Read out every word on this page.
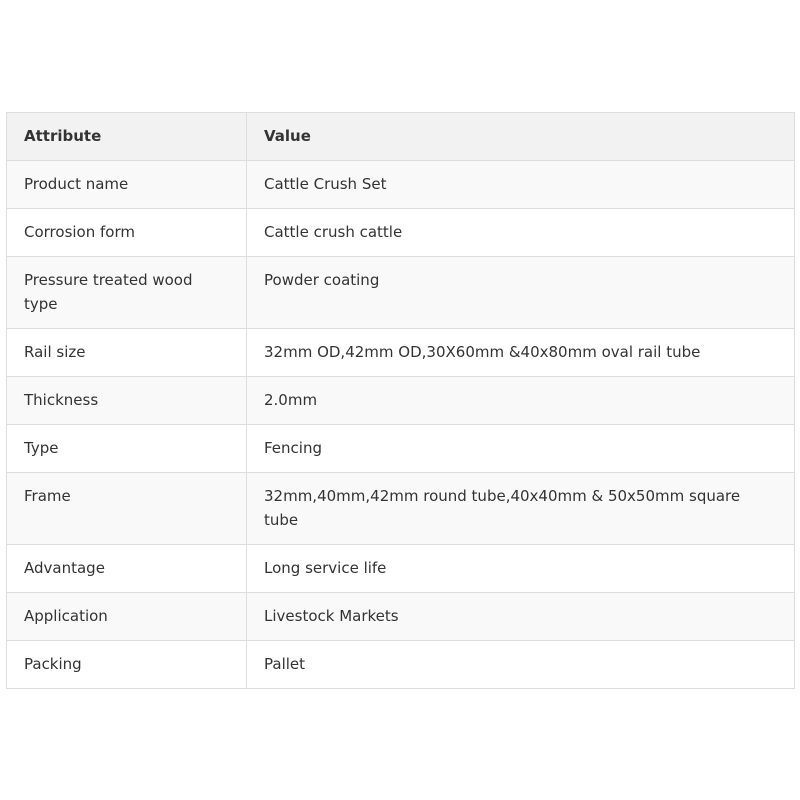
Attribute	Value
Product name	Cattle Crush Set
Corrosion form	Cattle crush cattle
Pressure treated wood type	Powder coating
Rail size	32mm OD,42mm OD,30X60mm &40x80mm oval rail tube
Thickness	2.0mm
Type	Fencing
Frame	32mm,40mm,42mm round tube,40x40mm & 50x50mm square tube
Advantage	Long service life
Application	Livestock Markets
Packing	Pallet
